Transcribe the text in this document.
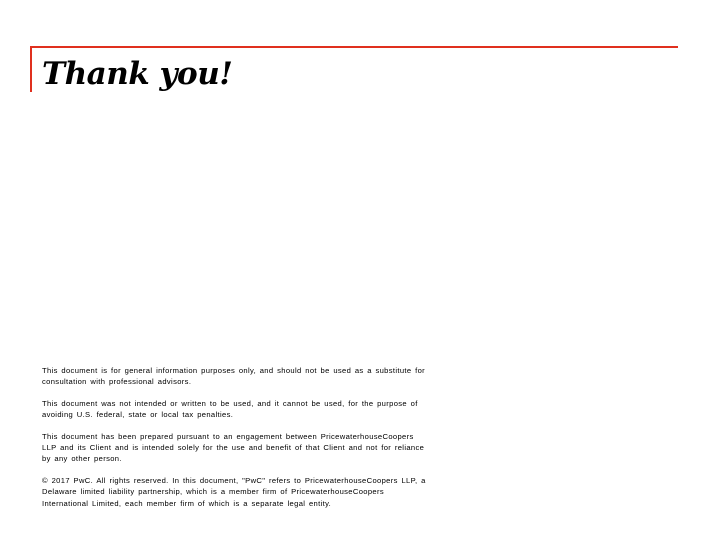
Thank you!

This document is for general information purposes only, and should not be used as a substitute for consultation with professional advisors.

This document was not intended or written to be used, and it cannot be used, for the purpose of avoiding U.S. federal, state or local tax penalties.

This document has been prepared pursuant to an engagement between PricewaterhouseCoopers LLP and its Client and is intended solely for the use and benefit of that Client and not for reliance by any other person.

© 2017 PwC. All rights reserved. In this document, "PwC" refers to PricewaterhouseCoopers LLP, a Delaware limited liability partnership, which is a member firm of PricewaterhouseCoopers International Limited, each member firm of which is a separate legal entity.
